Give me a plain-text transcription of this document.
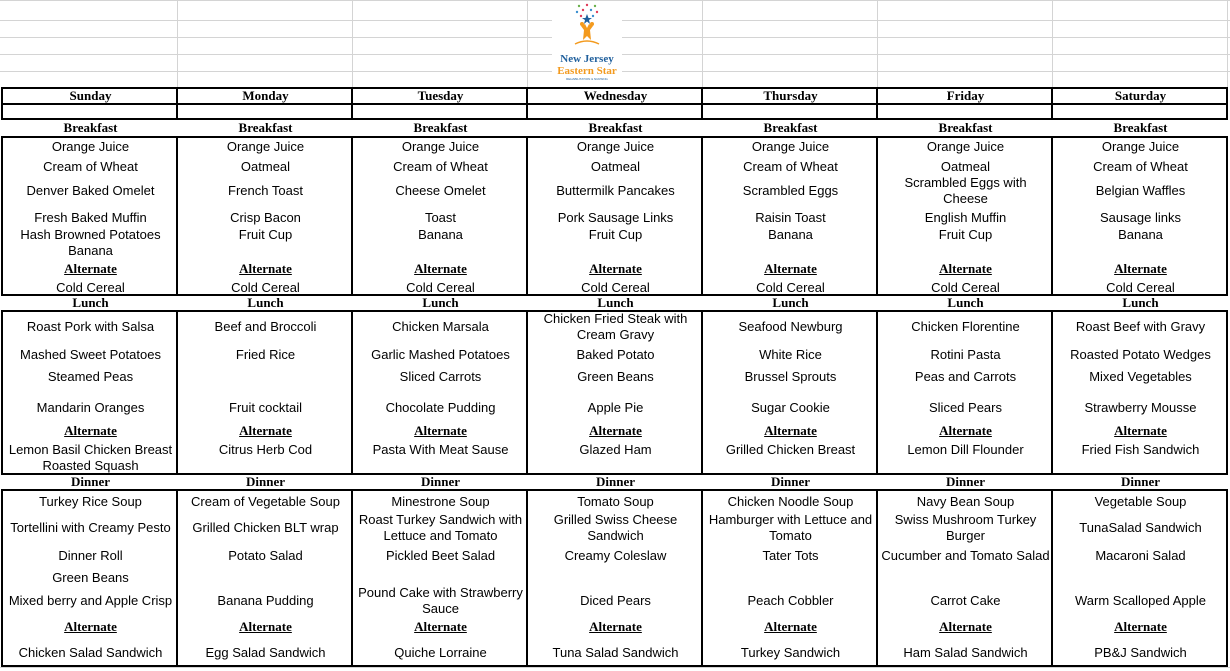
Sunday
Breakfast
Alternate
Orange Juice
Cream of Wheat
Denver Baked Omelet
Fresh Baked Muffin
Hash Browned Potatoes Banana
Cold Cereal
Lunch
Alternate
Roast Pork with Salsa
Mashed Sweet Potatoes
Steamed Peas
Mandarin Oranges
Lemon Basil Chicken Breast Roasted Squash
Dinner
Alternate
Turkey Rice Soup
Tortellini with Creamy Pesto
Dinner Roll
Green Beans
Mixed berry and Apple Crisp
Chicken Salad Sandwich
Monday
Breakfast
Alternate
Orange Juice
Oatmeal
French Toast
Crisp Bacon
Fruit Cup
Cold Cereal
Lunch
Alternate
Beef and Broccoli
Fried Rice
Fruit cocktail
Citrus Herb Cod
Dinner
Alternate
Cream of Vegetable Soup
Grilled Chicken BLT wrap
Potato Salad
Banana Pudding
Egg Salad Sandwich
Tuesday
Breakfast
Alternate
Orange Juice
Cream of Wheat
Cheese Omelet
Toast
Banana
Cold Cereal
Lunch
Alternate
Chicken Marsala
Garlic Mashed Potatoes
Sliced Carrots
Chocolate Pudding
Pasta With Meat Sause
Dinner
Alternate
Minestrone Soup
Roast Turkey Sandwich with Lettuce and Tomato
Pickled Beet Salad
Pound Cake with Strawberry Sauce
Quiche Lorraine
Wednesday
Breakfast
Alternate
Orange Juice
Oatmeal
Buttermilk Pancakes
Pork Sausage Links
Fruit Cup
Cold Cereal
Lunch
Alternate
Chicken Fried Steak with Cream Gravy
Baked Potato
Green Beans
Apple Pie
Glazed Ham
Dinner
Alternate
Tomato Soup
Grilled Swiss Cheese Sandwich
Creamy Coleslaw
Diced Pears
Tuna Salad Sandwich
Thursday
Breakfast
Alternate
Orange Juice
Cream of Wheat
Scrambled Eggs
Raisin Toast
Banana
Cold Cereal
Lunch
Alternate
Seafood Newburg
White Rice
Brussel Sprouts
Sugar Cookie
Grilled Chicken Breast
Dinner
Alternate
Chicken Noodle Soup
Hamburger with Lettuce and Tomato
Tater Tots
Peach Cobbler
Turkey Sandwich
Friday
Breakfast
Alternate
Orange Juice
Oatmeal
Scrambled Eggs with Cheese
English Muffin
Fruit Cup
Cold Cereal
Lunch
Alternate
Chicken Florentine
Rotini Pasta
Peas and Carrots
Sliced Pears
Lemon Dill Flounder
Dinner
Alternate
Navy Bean Soup
Swiss Mushroom Turkey Burger
Cucumber and Tomato Salad
Carrot Cake
Ham Salad Sandwich
Saturday
Breakfast
Alternate
Orange Juice
Cream of Wheat
Belgian Waffles
Sausage links
Banana
Cold Cereal
Lunch
Alternate
Roast Beef with Gravy
Roasted Potato Wedges
Mixed Vegetables
Strawberry Mousse
Fried Fish Sandwich
Dinner
Alternate
Vegetable Soup
TunaSalad Sandwich
Macaroni Salad
Warm Scalloped Apple
PB&J Sandwich
New Jersey
Eastern Star
REHABILITATION & NURSING
